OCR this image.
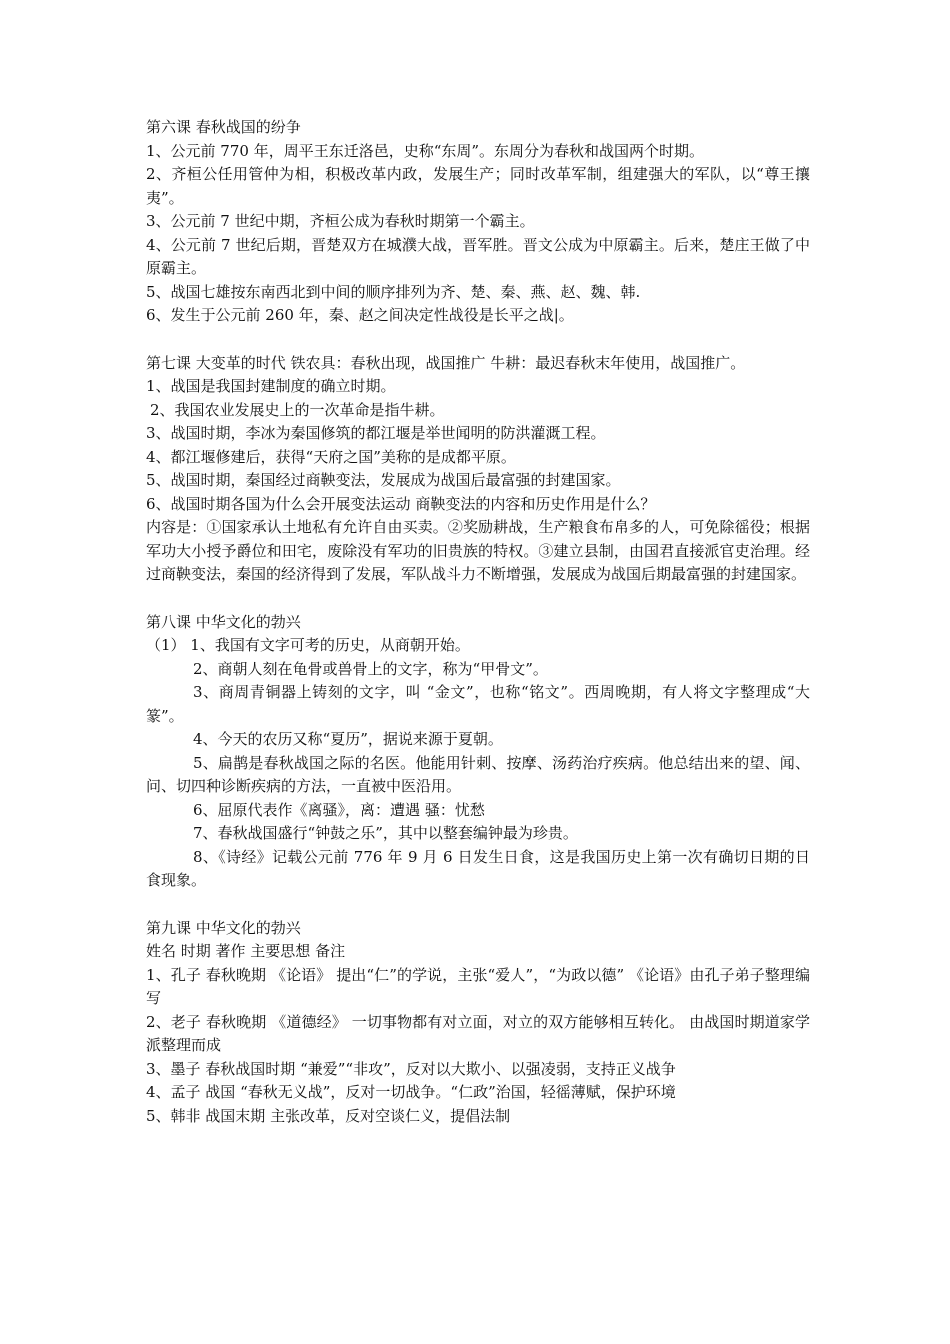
第六课 春秋战国的纷争
1、公元前 770 年，周平王东迁洛邑，史称“东周”。东周分为春秋和战国两个时期。
2、齐桓公任用管仲为相，积极改革内政，发展生产；同时改革军制，组建强大的军队，以“尊王攘夷”。
3、公元前 7 世纪中期，齐桓公成为春秋时期第一个霸主。
4、公元前 7 世纪后期，晋楚双方在城濮大战，晋军胜。晋文公成为中原霸主。后来，楚庄王做了中原霸主。
5、战国七雄按东南西北到中间的顺序排列为齐、楚、秦、燕、赵、魏、韩.
6、发生于公元前 260 年，秦、赵之间决定性战役是长平之战|。
第七课 大变革的时代 铁农具：春秋出现，战国推广 牛耕：最迟春秋末年使用，战国推广。
1、战国是我国封建制度的确立时期。
2、我国农业发展史上的一次革命是指牛耕。
3、战国时期，李冰为秦国修筑的都江堰是举世闻明的防洪灌溉工程。
4、都江堰修建后，获得“天府之国”美称的是成都平原。
5、战国时期，秦国经过商鞅变法，发展成为战国后最富强的封建国家。
6、战国时期各国为什么会开展变法运动 商鞅变法的内容和历史作用是什么？
内容是：①国家承认土地私有允许自由买卖。②奖励耕战，生产粮食布帛多的人，可免除徭役；根据军功大小授予爵位和田宅，废除没有军功的旧贵族的特权。③建立县制，由国君直接派官吏治理。经过商鞅变法，秦国的经济得到了发展，军队战斗力不断增强，发展成为战国后期最富强的封建国家。
第八课 中华文化的勃兴
（1） 1、我国有文字可考的历史，从商朝开始。
2、商朝人刻在龟骨或兽骨上的文字，称为“甲骨文”。
3、商周青铜器上铸刻的文字，叫 “金文”，也称“铭文”。西周晚期，有人将文字整理成“大篆”。
4、今天的农历又称“夏历”，据说来源于夏朝。
5、扁鹊是春秋战国之际的名医。他能用针刺、按摩、汤药治疗疾病。他总结出来的望、闻、问、切四种诊断疾病的方法，一直被中医沿用。
6、屈原代表作《离骚》，离：遭遇 骚：忧愁
7、春秋战国盛行“钟鼓之乐”，其中以整套编钟最为珍贵。
8、《诗经》记载公元前 776 年 9 月 6 日发生日食，这是我国历史上第一次有确切日期的日食现象。
第九课 中华文化的勃兴
姓名 时期 著作 主要思想 备注
1、孔子 春秋晚期 《论语》 提出“仁”的学说，主张“爱人”，“为政以德” 《论语》由孔子弟子整理编写
2、老子 春秋晚期 《道德经》 一切事物都有对立面，对立的双方能够相互转化。 由战国时期道家学派整理而成
3、墨子 春秋战国时期 “兼爱”“非攻”，反对以大欺小、以强凌弱，支持正义战争
4、孟子 战国 “春秋无义战”，反对一切战争。“仁政”治国，轻徭薄赋，保护环境
5、韩非 战国末期 主张改革，反对空谈仁义，提倡法制
